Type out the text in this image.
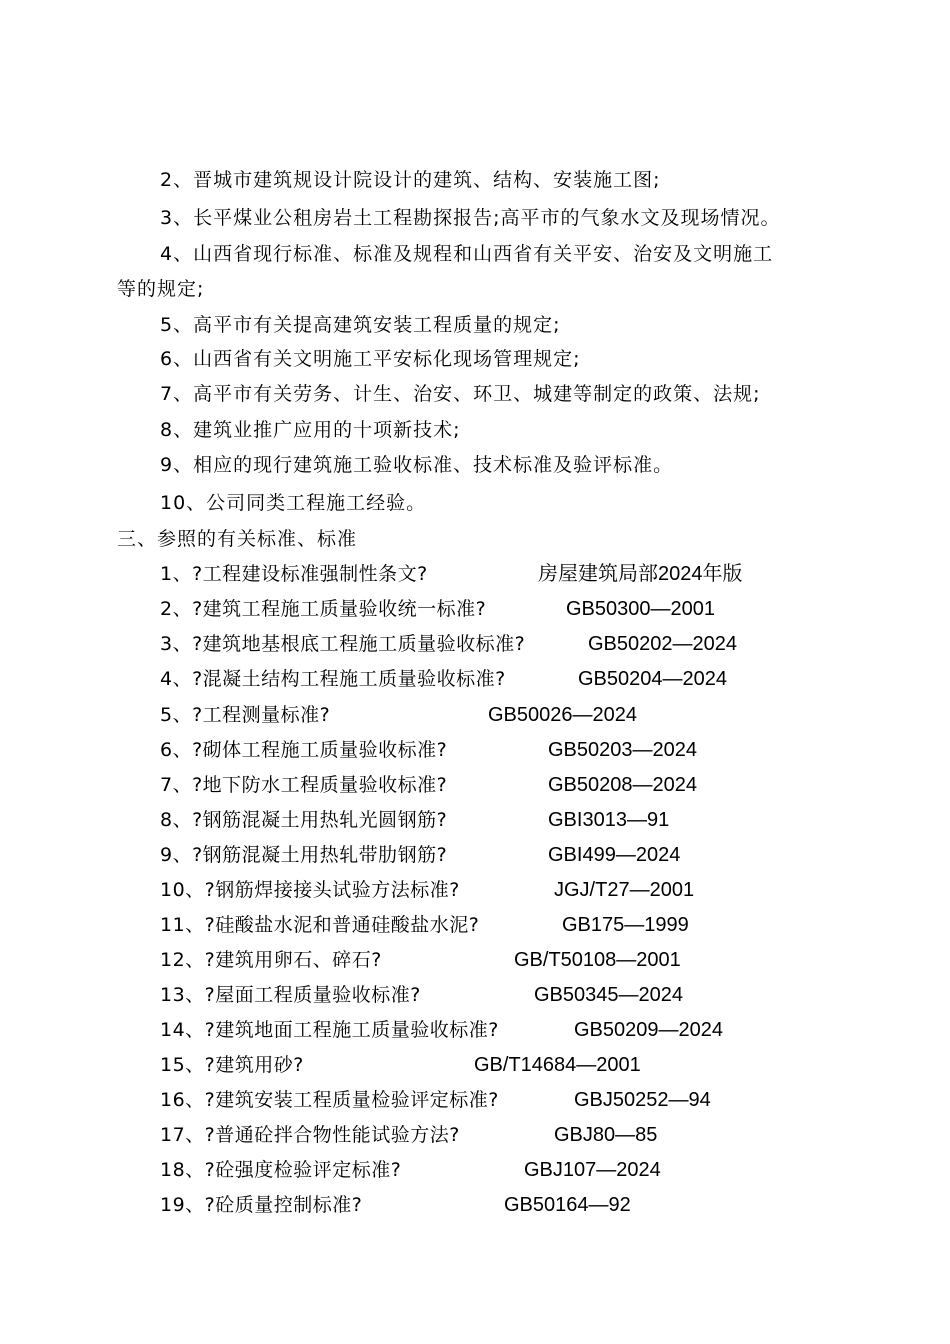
2、晋城市建筑规设计院设计的建筑、结构、安装施工图;
3、长平煤业公租房岩土工程勘探报告;高平市的气象水文及现场情况。
4、山西省现行标准、标准及规程和山西省有关平安、治安及文明施工
等的规定;
5、高平市有关提高建筑安装工程质量的规定;
6、山西省有关文明施工平安标化现场管理规定;
7、高平市有关劳务、计生、治安、环卫、城建等制定的政策、法规;
8、建筑业推广应用的十项新技术;
9、相应的现行建筑施工验收标准、技术标准及验评标准。
10、公司同类工程施工经验。
三、参照的有关标准、标准
1、?工程建设标准强制性条文?	房屋建筑局部2024年版
2、?建筑工程施工质量验收统一标准?	GB50300—2001
3、?建筑地基根底工程施工质量验收标准?	GB50202—2024
4、?混凝土结构工程施工质量验收标准?	GB50204—2024
5、?工程测量标准?	GB50026—2024
6、?砌体工程施工质量验收标准?	GB50203—2024
7、?地下防水工程质量验收标准?	GB50208—2024
8、?钢筋混凝土用热轧光圆钢筋?	GBI3013—91
9、?钢筋混凝土用热轧带肋钢筋?	GBI499—2024
10、?钢筋焊接接头试验方法标准?	JGJ/T27—2001
11、?硅酸盐水泥和普通硅酸盐水泥?	GB175—1999
12、?建筑用卵石、碎石?	GB/T50108—2001
13、?屋面工程质量验收标准?	GB50345—2024
14、?建筑地面工程施工质量验收标准?	GB50209—2024
15、?建筑用砂?	GB/T14684—2001
16、?建筑安装工程质量检验评定标准?	GBJ50252—94
17、?普通砼拌合物性能试验方法?	GBJ80—85
18、?砼强度检验评定标准?	GBJ107—2024
19、?砼质量控制标准?	GB50164—92
